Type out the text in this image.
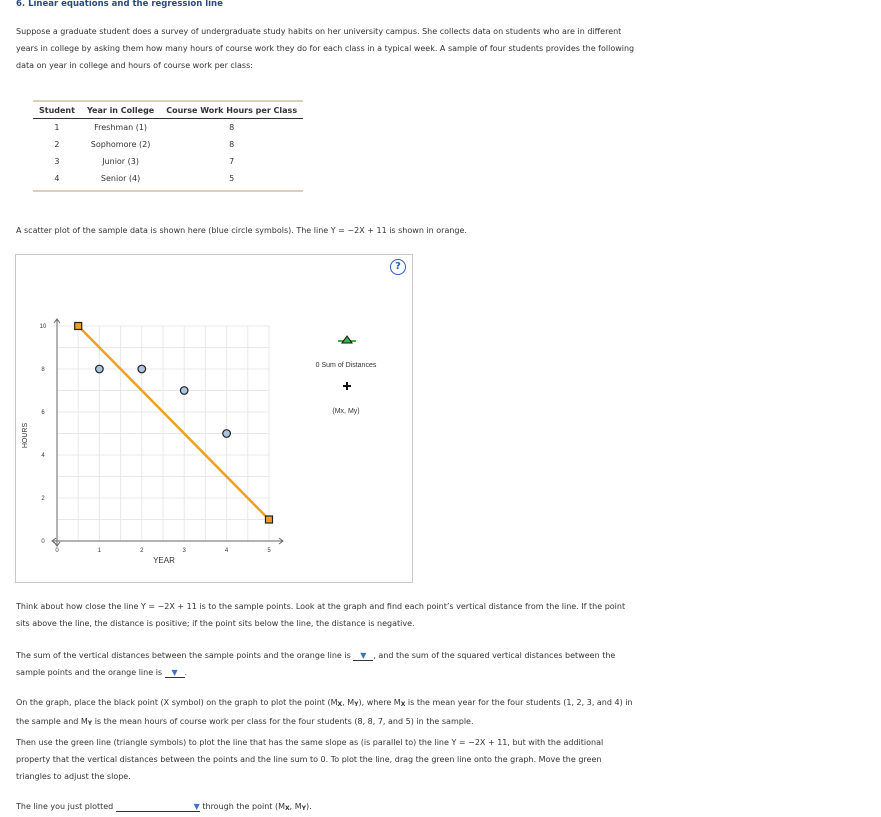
6. Linear equations and the regression line
Suppose a graduate student does a survey of undergraduate study habits on her university campus. She collects data on students who are in different years in college by asking them how many hours of course work they do for each class in a typical week. A sample of four students provides the following data on year in college and hours of course work per class:
Student	Year in College	Course Work Hours per Class
1	Freshman (1)	8
2	Sophomore (2)	8
3	Junior (3)	7
4	Senior (4)	5
A scatter plot of the sample data is shown here (blue circle symbols). The line Y = −2X + 11 is shown in orange.
?
0	1	2	3	4	5
0
2
4
6
8
10
YEAR
HOURS
0 Sum of Distances
(Mx, My)
Think about how close the line Y = −2X + 11 is to the sample points. Look at the graph and find each point’s vertical distance from the line. If the point sits above the line, the distance is positive; if the point sits below the line, the distance is negative.
The sum of the vertical distances between the sample points and the orange line is ▼ , and the sum of the squared vertical distances between the sample points and the orange line is ▼ .
On the graph, place the black point (X symbol) on the graph to plot the point (MX, MY), where MX is the mean year for the four students (1, 2, 3, and 4) in the sample and MY is the mean hours of course work per class for the four students (8, 8, 7, and 5) in the sample.
Then use the green line (triangle symbols) to plot the line that has the same slope as (is parallel to) the line Y = −2X + 11, but with the additional property that the vertical distances between the points and the line sum to 0. To plot the line, drag the green line onto the graph. Move the green triangles to adjust the slope.
The line you just plotted	▼ through the point (MX, MY).
